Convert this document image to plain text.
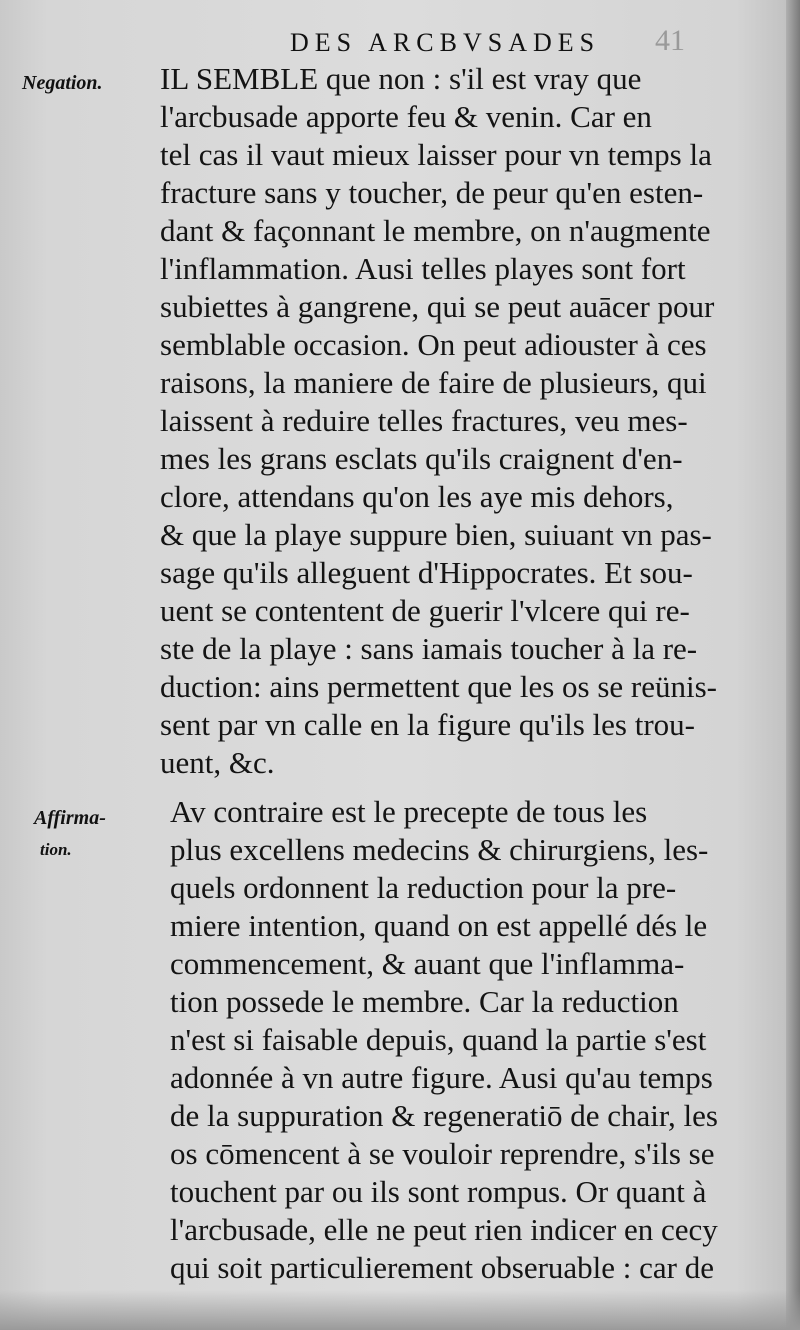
DES ARCBVSADES	41
Negation.
Affirma-
tion.
IL SEMBLE que non : s'il est vray que
l'arcbusade apporte feu & venin. Car en
tel cas il vaut mieux laisser pour vn temps la
fracture sans y toucher, de peur qu'en esten-
dant & façonnant le membre, on n'augmente
l'inflammation. Ausi telles playes sont fort
subiettes à gangrene, qui se peut auācer pour
semblable occasion. On peut adiouster à ces
raisons, la maniere de faire de plusieurs, qui
laissent à reduire telles fractures, veu mes-
mes les grans esclats qu'ils craignent d'en-
clore, attendans qu'on les aye mis dehors,
& que la playe suppure bien, suiuant vn pas-
sage qu'ils alleguent d'Hippocrates. Et sou-
uent se contentent de guerir l'vlcere qui re-
ste de la playe : sans iamais toucher à la re-
duction: ains permettent que les os se reünis-
sent par vn calle en la figure qu'ils les trou-
uent, &c.
Av contraire est le precepte de tous les
plus excellens medecins & chirurgiens, les-
quels ordonnent la reduction pour la pre-
miere intention, quand on est appellé dés le
commencement, & auant que l'inflamma-
tion possede le membre. Car la reduction
n'est si faisable depuis, quand la partie s'est
adonnée à vn autre figure. Ausi qu'au temps
de la suppuration & regeneratiō de chair, les
os cōmencent à se vouloir reprendre, s'ils se
touchent par ou ils sont rompus. Or quant à
l'arcbusade, elle ne peut rien indicer en cecy
qui soit particulierement obseruable : car de
